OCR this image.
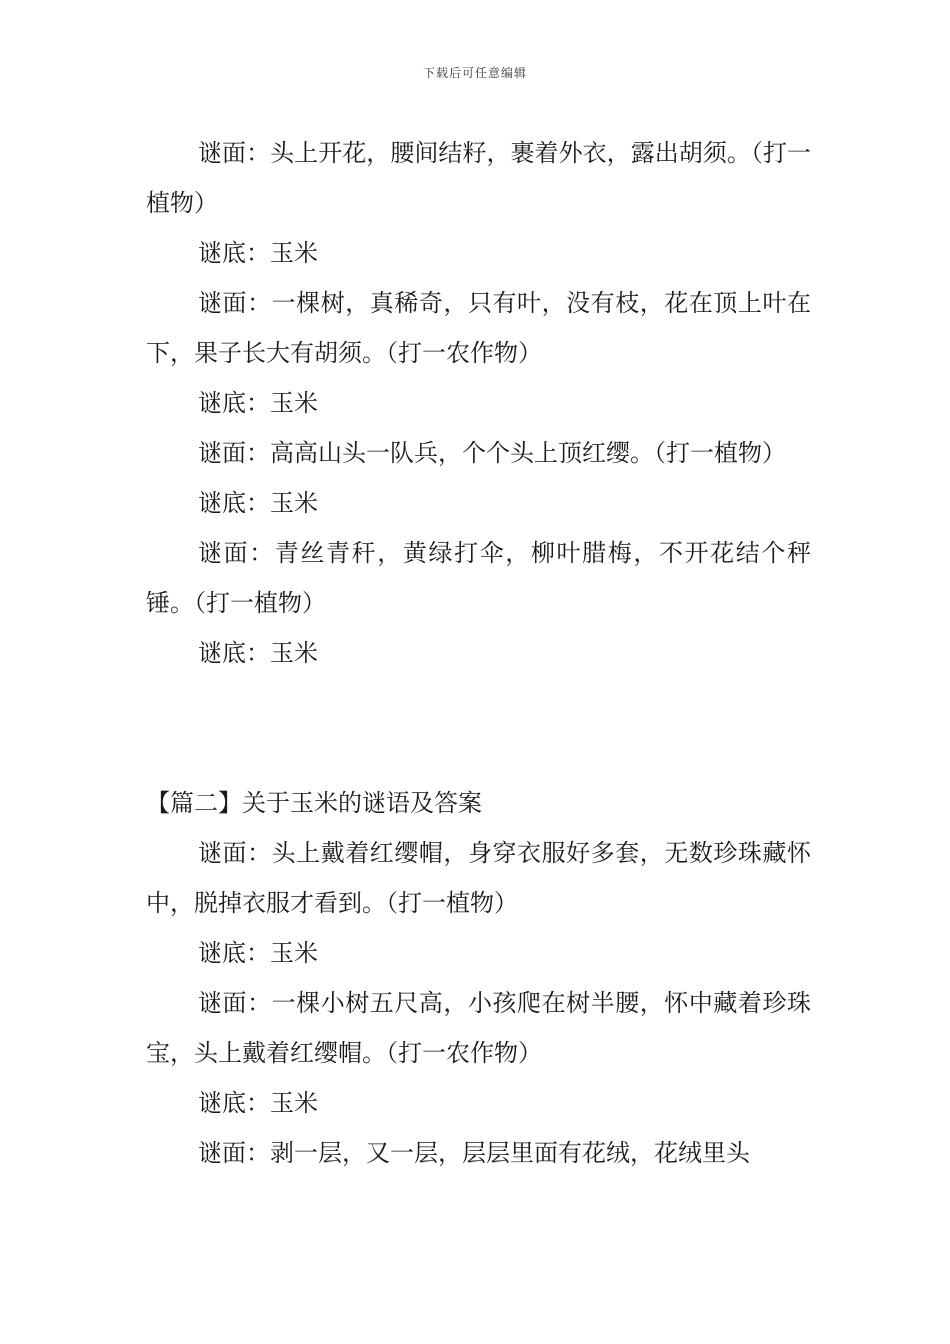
下载后可任意编辑

谜面：头上开花，腰间结籽，裹着外衣，露出胡须。（打一植物）

谜底：玉米

谜面：一棵树，真稀奇，只有叶，没有枝，花在顶上叶在下，果子长大有胡须。（打一农作物）

谜底：玉米

谜面：高高山头一队兵，个个头上顶红缨。（打一植物）

谜底：玉米

谜面：青丝青秆，黄绿打伞，柳叶腊梅，不开花结个秤锤。（打一植物）

谜底：玉米

【篇二】关于玉米的谜语及答案

谜面：头上戴着红缨帽，身穿衣服好多套，无数珍珠藏怀中，脱掉衣服才看到。（打一植物）

谜底：玉米

谜面：一棵小树五尺高，小孩爬在树半腰，怀中藏着珍珠宝，头上戴着红缨帽。（打一农作物）

谜底：玉米

谜面：剥一层，又一层，层层里面有花绒，花绒里头
